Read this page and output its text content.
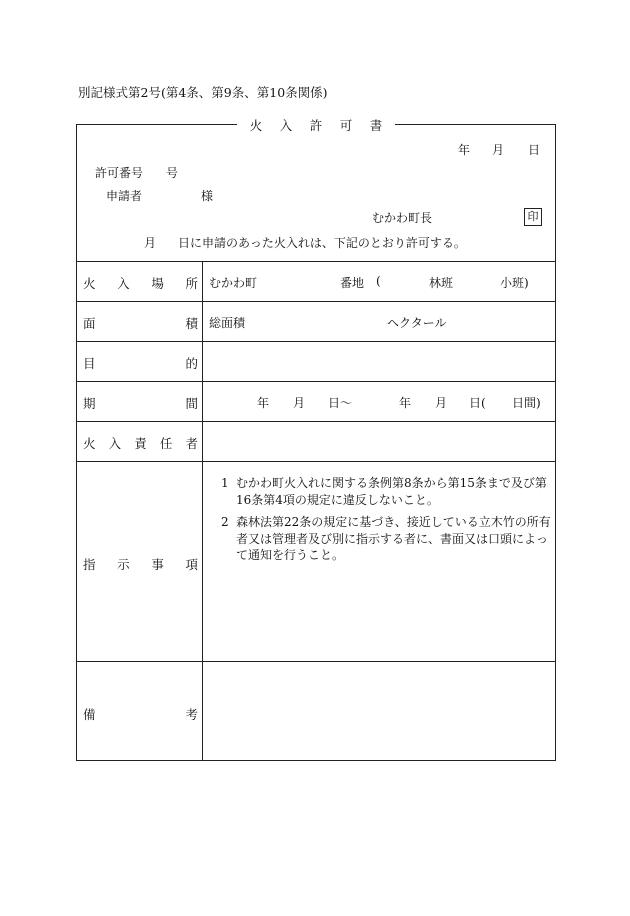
別記様式第2号(第4条、第9条、第10条関係)
火 入 許 可 書
年 月 日
許可番号 号
申請者	様
むかわ町長	印
月 日に申請のあった火入れは、下記のとおり許可する。
火 入 場 所 むかわ町	番地 (	林班	小班)
面	積 総面積	ヘクタール
目	的
期	間	年 月 日〜	年 月 日( 日間)
火 入 責 任 者
指 示 事 項
1 むかわ町火入れに関する条例第8条から第15条まで及び第16条第4項の規定に違反しないこと。
2 森林法第22条の規定に基づき、接近している立木竹の所有者又は管理者及び別に指示する者に、書面又は口頭によって通知を行うこと。
備	考
